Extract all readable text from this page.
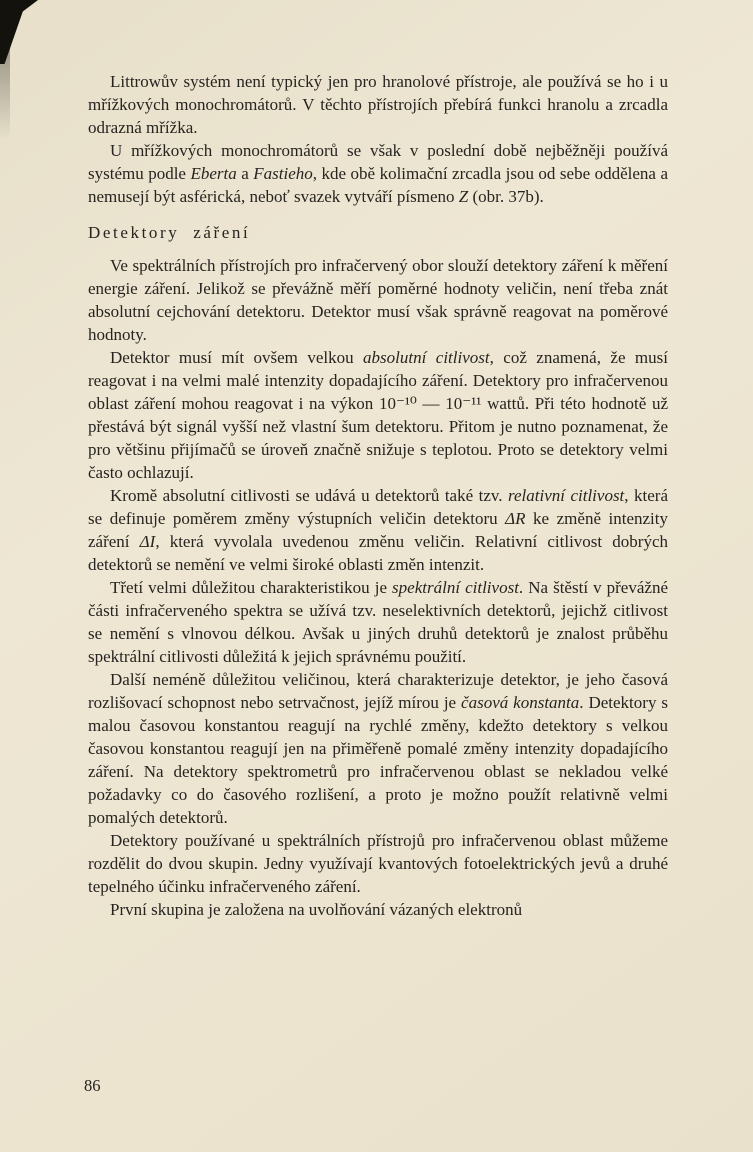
Littrowův systém není typický jen pro hranolové přístroje, ale používá se ho i u mřížkových monochromátorů. V těchto přístrojích přebírá funkci hranolu a zrcadla odrazná mřížka.

U mřížkových monochromátorů se však v poslední době nejběžněji používá systému podle Eberta a Fastieho, kde obě kolimační zrcadla jsou od sebe oddělena a nemusejí být asférická, neboť svazek vytváří písmeno Z (obr. 37b).

Detektory záření

Ve spektrálních přístrojích pro infračervený obor slouží detektory záření k měření energie záření. Jelikož se převážně měří poměrné hodnoty veličin, není třeba znát absolutní cejchování detektoru. Detektor musí však správně reagovat na poměrové hodnoty.

Detektor musí mít ovšem velkou absolutní citlivost, což znamená, že musí reagovat i na velmi malé intenzity dopadajícího záření. Detektory pro infračervenou oblast záření mohou reagovat i na výkon 10⁻¹⁰ — 10⁻¹¹ wattů. Při této hodnotě už přestává být signál vyšší než vlastní šum detektoru. Přitom je nutno poznamenat, že pro většinu přijímačů se úroveň značně snižuje s teplotou. Proto se detektory velmi často ochlazují.

Kromě absolutní citlivosti se udává u detektorů také tzv. relativní citlivost, která se definuje poměrem změny výstupních veličin detektoru ΔR ke změně intenzity záření ΔI, která vyvolala uvedenou změnu veličin. Relativní citlivost dobrých detektorů se nemění ve velmi široké oblasti změn intenzit.

Třetí velmi důležitou charakteristikou je spektrální citlivost. Na štěstí v převážné části infračerveného spektra se užívá tzv. neselektivních detektorů, jejichž citlivost se nemění s vlnovou délkou. Avšak u jiných druhů detektorů je znalost průběhu spektrální citlivosti důležitá k jejich správnému použití.

Další neméně důležitou veličinou, která charakterizuje detektor, je jeho časová rozlišovací schopnost nebo setrvačnost, jejíž mírou je časová konstanta. Detektory s malou časovou konstantou reagují na rychlé změny, kdežto detektory s velkou časovou konstantou reagují jen na přiměřeně pomalé změny intenzity dopadajícího záření. Na detektory spektrometrů pro infračervenou oblast se nekladou velké požadavky co do časového rozlišení, a proto je možno použít relativně velmi pomalých detektorů.

Detektory používané u spektrálních přístrojů pro infračervenou oblast můžeme rozdělit do dvou skupin. Jedny využívají kvantových fotoelektrických jevů a druhé tepelného účinku infračerveného záření.

První skupina je založena na uvolňování vázaných elektronů

86
